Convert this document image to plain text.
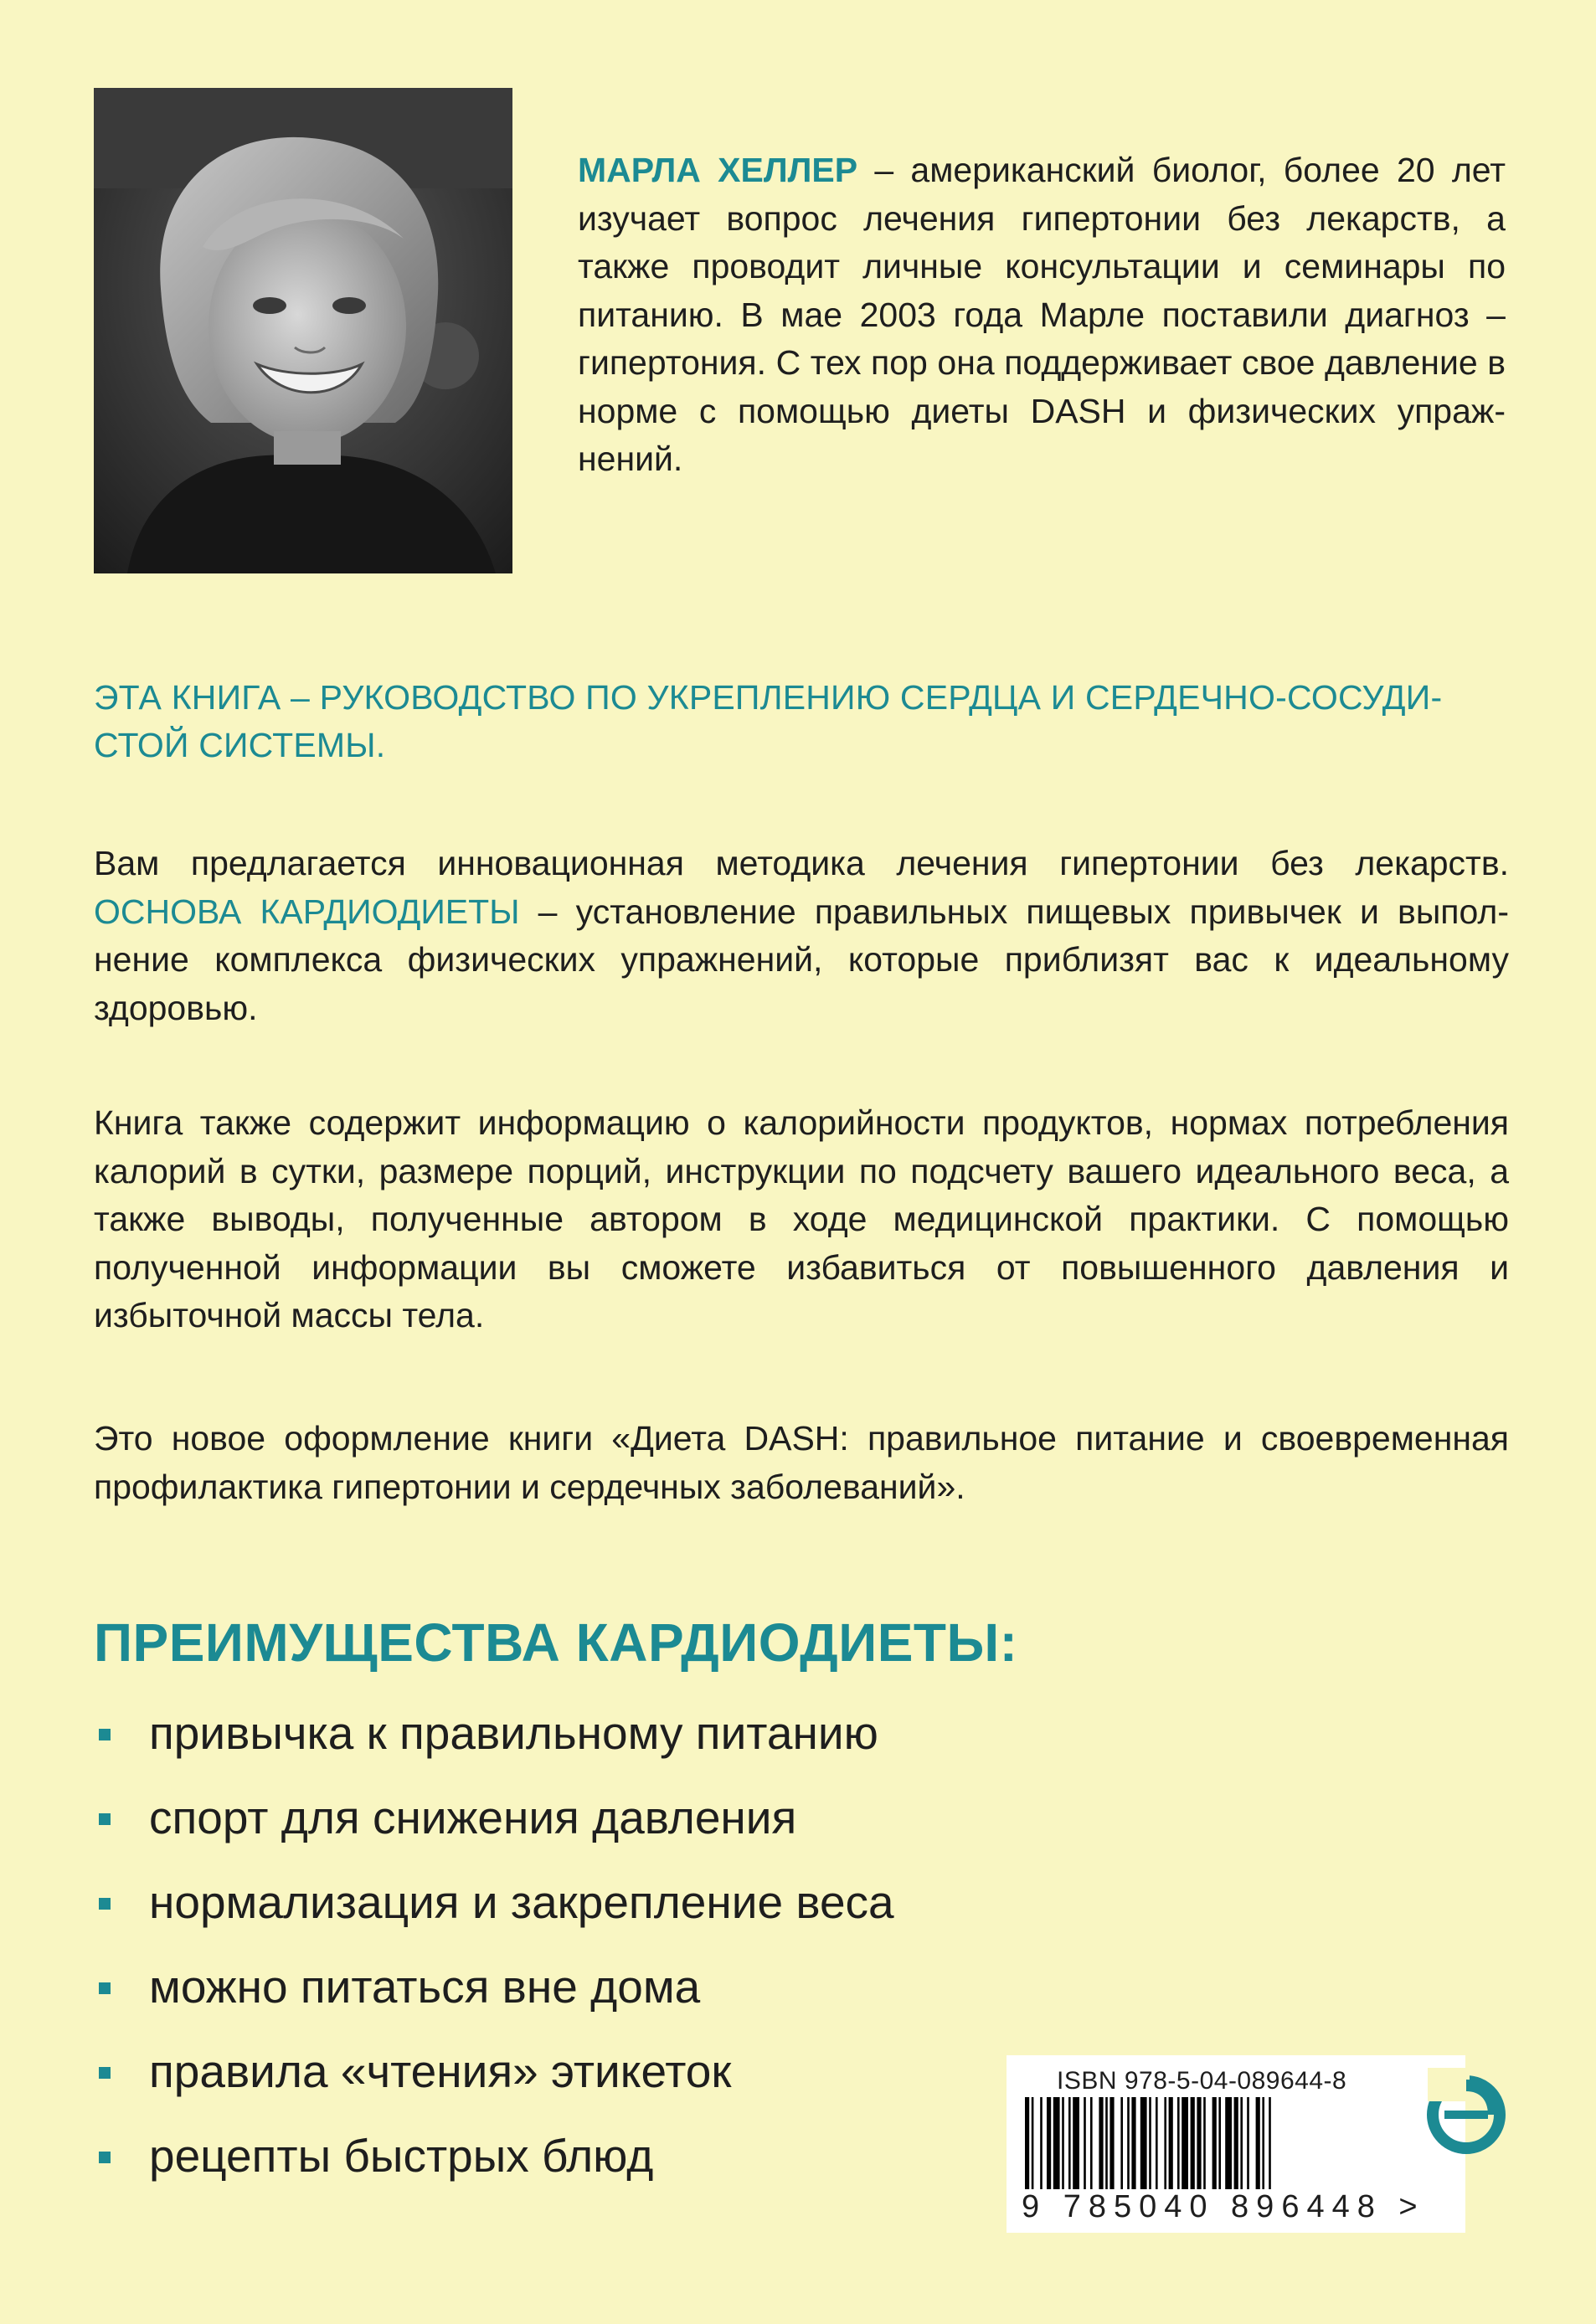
МАРЛА ХЕЛЛЕР – американский биолог, более 20 лет изучает вопрос лечения гипертонии без лекарств, а также проводит личные консультации и семинары по питанию. В мае 2003 года Марле поставили диагноз – гипертония. С тех пор она поддерживает свое давление в норме с помощью диеты DASH и физических упражнений.
ЭТА КНИГА – РУКОВОДСТВО ПО УКРЕПЛЕНИЮ СЕРДЦА И СЕРДЕЧНО-СОСУДИСТОЙ СИСТЕМЫ.
Вам предлагается инновационная методика лечения гипертонии без лекарств. ОСНОВА КАРДИОДИЕТЫ – установление правильных пищевых привычек и выполнение комплекса физических упражнений, которые приблизят вас к идеальному здоровью.
Книга также содержит информацию о калорийности продуктов, нормах потребления калорий в сутки, размере порций, инструкции по подсчету вашего идеального веса, а также выводы, полученные автором в ходе медицинской практики. С помощью полученной информации вы сможете избавиться от повышенного давления и избыточной массы тела.
Это новое оформление книги «Диета DASH: правильное питание и своевременная профилактика гипертонии и сердечных заболеваний».
ПРЕИМУЩЕСТВА КАРДИОДИЕТЫ:
привычка к правильному питанию
спорт для снижения давления
нормализация и закрепление веса
можно питаться вне дома
правила «чтения» этикеток
рецепты быстрых блюд
ISBN 978-5-04-089644-8
9 785040 896448 >
